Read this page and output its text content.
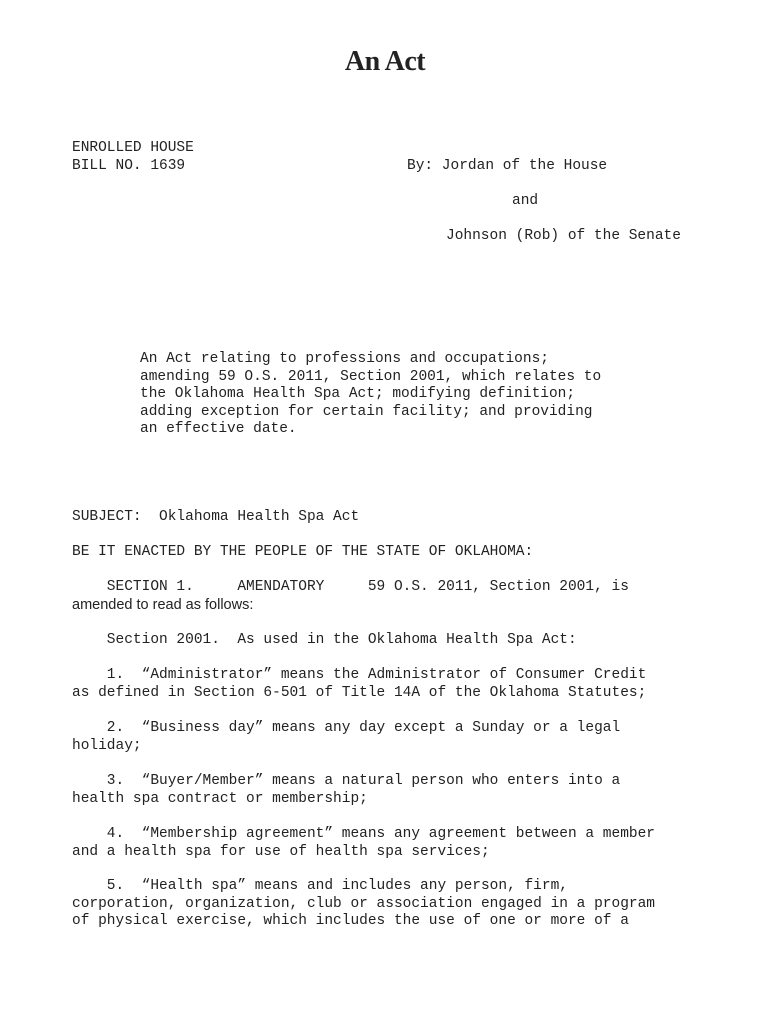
An Act
ENROLLED HOUSE
BILL NO. 1639	By: Jordan of the House
and
Johnson (Rob) of the Senate
An Act relating to professions and occupations;
amending 59 O.S. 2011, Section 2001, which relates to
the Oklahoma Health Spa Act; modifying definition;
adding exception for certain facility; and providing
an effective date.
SUBJECT:  Oklahoma Health Spa Act
BE IT ENACTED BY THE PEOPLE OF THE STATE OF OKLAHOMA:
SECTION 1.     AMENDATORY     59 O.S. 2011, Section 2001, is
amended to read as follows:
Section 2001.  As used in the Oklahoma Health Spa Act:
1.  “Administrator” means the Administrator of Consumer Credit
as defined in Section 6-501 of Title 14A of the Oklahoma Statutes;
2.  “Business day” means any day except a Sunday or a legal
holiday;
3.  “Buyer/Member” means a natural person who enters into a
health spa contract or membership;
4.  “Membership agreement” means any agreement between a member
and a health spa for use of health spa services;
5.  “Health spa” means and includes any person, firm,
corporation, organization, club or association engaged in a program
of physical exercise, which includes the use of one or more of a
